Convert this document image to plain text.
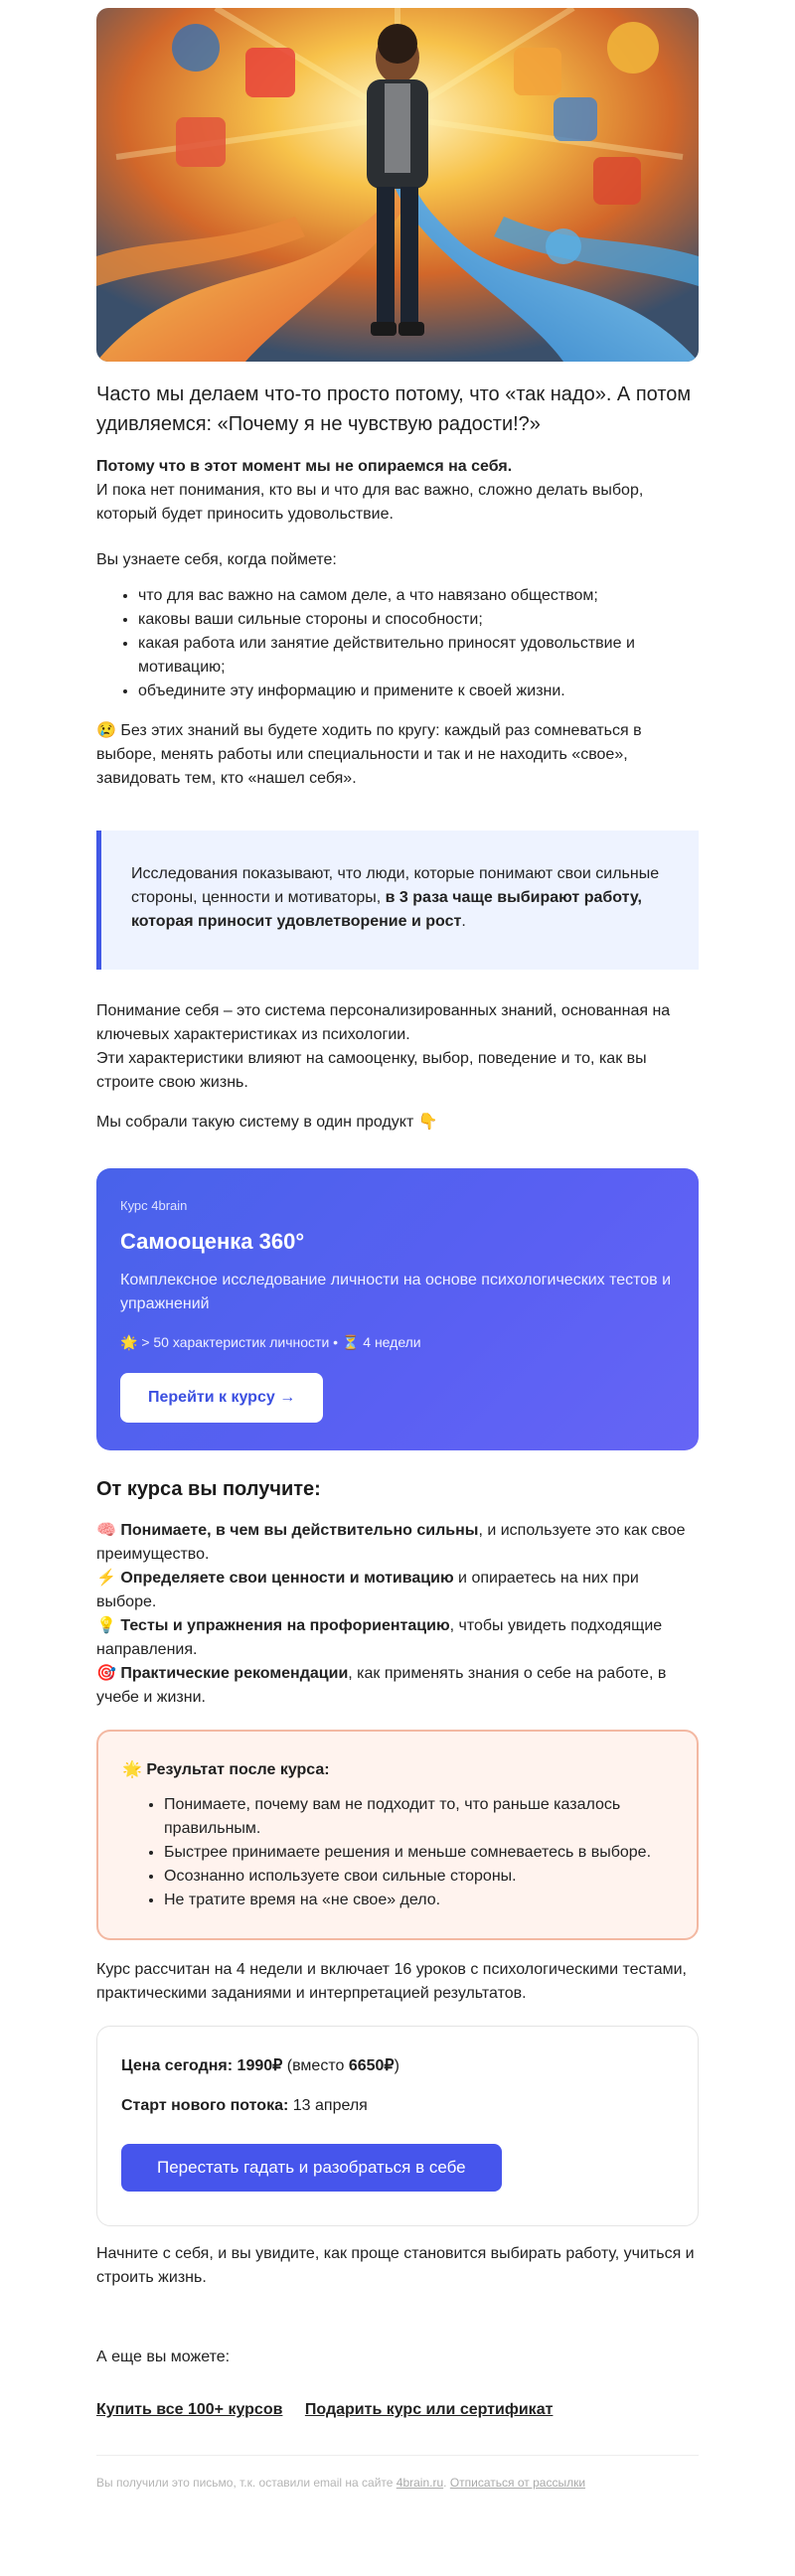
Часто мы делаем что-то просто потому, что «так надо». А потом удивляемся: «Почему я не чувствую радости!?»

Потому что в этот момент мы не опираемся на себя.

И пока нет понимания, кто вы и что для вас важно, сложно делать выбор, который будет приносить удовольствие.

Вы узнаете себя, когда поймете:

• что для вас важно на самом деле, а что навязано обществом;
• каковы ваши сильные стороны и способности;
• какая работа или занятие действительно приносят удовольствие и мотивацию;
• объедините эту информацию и примените к своей жизни.

😢 Без этих знаний вы будете ходить по кругу: каждый раз сомневаться в выборе, менять работы или специальности и так и не находить «свое», завидовать тем, кто «нашел себя».

Исследования показывают, что люди, которые понимают свои сильные стороны, ценности и мотиваторы, в 3 раза чаще выбирают работу, которая приносит удовлетворение и рост.

Понимание себя – это система персонализированных знаний, основанная на ключевых характеристиках из психологии.

Эти характеристики влияют на самооценку, выбор, поведение и то, как вы строите свою жизнь.

Мы собрали такую систему в один продукт 👇

Курс 4brain
Самооценка 360°
Комплексное исследование личности на основе психологических тестов и упражнений
🌟 > 50 характеристик личности • ⏳ 4 недели
Перейти к курсу →
От курса вы получите:

🧠 Понимаете, в чем вы действительно сильны, и используете это как свое преимущество.

⚡ Определяете свои ценности и мотивацию и опираетесь на них при выборе.

💡 Тесты и упражнения на профориентацию, чтобы увидеть подходящие направления.

🎯 Практические рекомендации, как применять знания о себе на работе, в учебе и жизни.

🌟 Результат после курса:
• Понимаете, почему вам не подходит то, что раньше казалось правильным.
• Быстрее принимаете решения и меньше сомневаетесь в выборе.
• Осознанно используете свои сильные стороны.
• Не тратите время на «не свое» дело.

Курс рассчитан на 4 недели и включает 16 уроков с психологическими тестами, практическими заданиями и интерпретацией результатов.

Цена сегодня: 1990₽ (вместо 6650₽)
Старт нового потока: 13 апреля
Перестать гадать и разобраться в себе

Начните с себя, и вы увидите, как проще становится выбирать работу, учиться и строить жизнь.

А еще вы можете:

Купить все 100+ курсов Подарить курс или сертификат
Вы получили это письмо, т.к. оставили email на сайте 4brain.ru. Отписаться от рассылки
